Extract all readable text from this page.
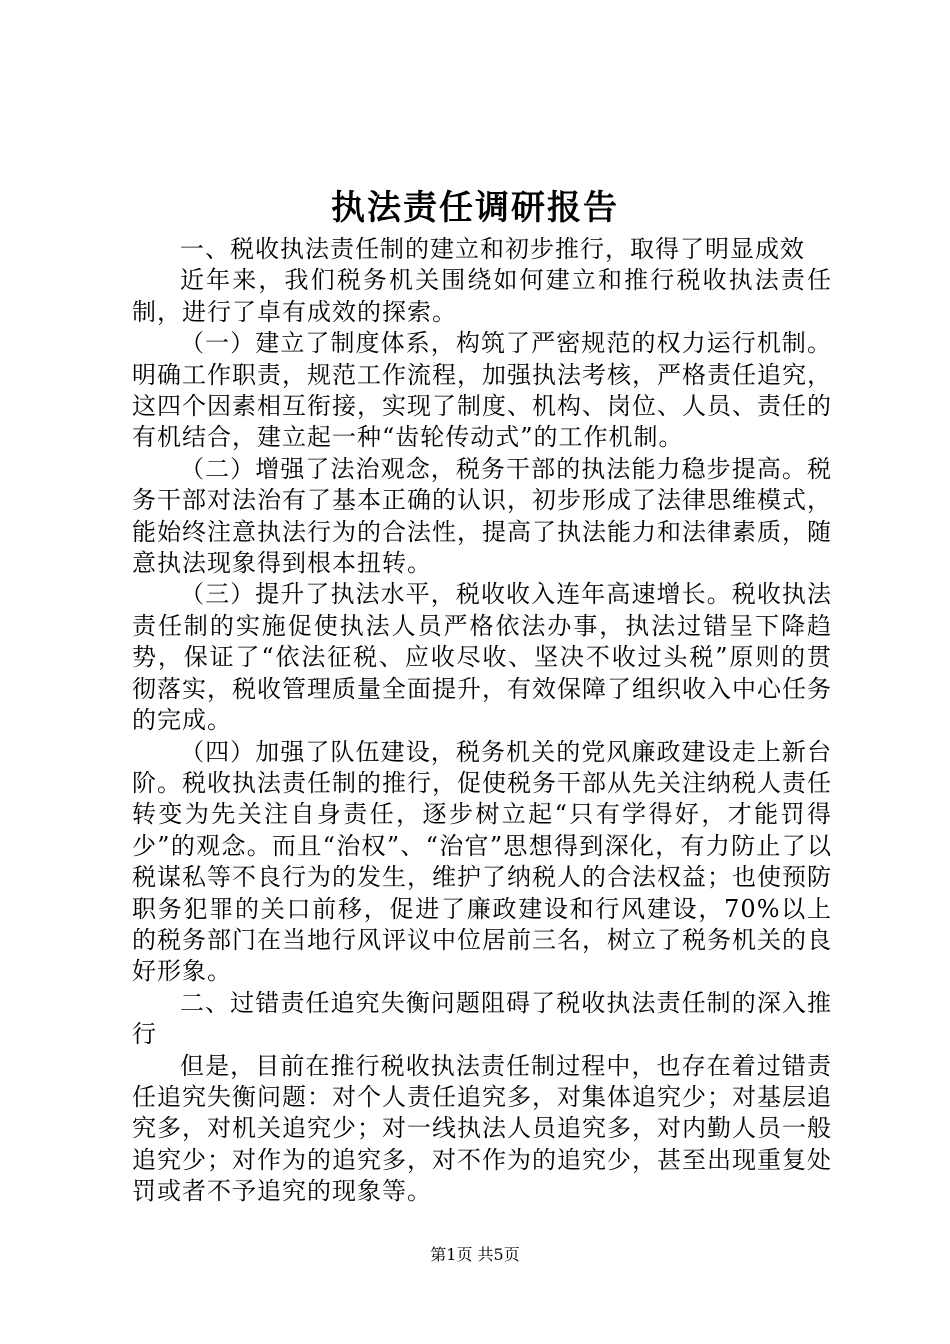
执法责任调研报告

一、税收执法责任制的建立和初步推行，取得了明显成效

近年来，我们税务机关围绕如何建立和推行税收执法责任制，进行了卓有成效的探索。

（一）建立了制度体系，构筑了严密规范的权力运行机制。明确工作职责，规范工作流程，加强执法考核，严格责任追究，这四个因素相互衔接，实现了制度、机构、岗位、人员、责任的有机结合，建立起一种“齿轮传动式”的工作机制。

（二）增强了法治观念，税务干部的执法能力稳步提高。税务干部对法治有了基本正确的认识，初步形成了法律思维模式，能始终注意执法行为的合法性，提高了执法能力和法律素质，随意执法现象得到根本扭转。

（三）提升了执法水平，税收收入连年高速增长。税收执法责任制的实施促使执法人员严格依法办事，执法过错呈下降趋势，保证了“依法征税、应收尽收、坚决不收过头税”原则的贯彻落实，税收管理质量全面提升，有效保障了组织收入中心任务的完成。

（四）加强了队伍建设，税务机关的党风廉政建设走上新台阶。税收执法责任制的推行，促使税务干部从先关注纳税人责任转变为先关注自身责任，逐步树立起“只有学得好，才能罚得少”的观念。而且“治权”、“治官”思想得到深化，有力防止了以税谋私等不良行为的发生，维护了纳税人的合法权益；也使预防职务犯罪的关口前移，促进了廉政建设和行风建设，70%以上的税务部门在当地行风评议中位居前三名，树立了税务机关的良好形象。

二、过错责任追究失衡问题阻碍了税收执法责任制的深入推行

但是，目前在推行税收执法责任制过程中，也存在着过错责任追究失衡问题：对个人责任追究多，对集体追究少；对基层追究多，对机关追究少；对一线执法人员追究多，对内勤人员一般追究少；对作为的追究多，对不作为的追究少，甚至出现重复处罚或者不予追究的现象等。

第1页 共5页
